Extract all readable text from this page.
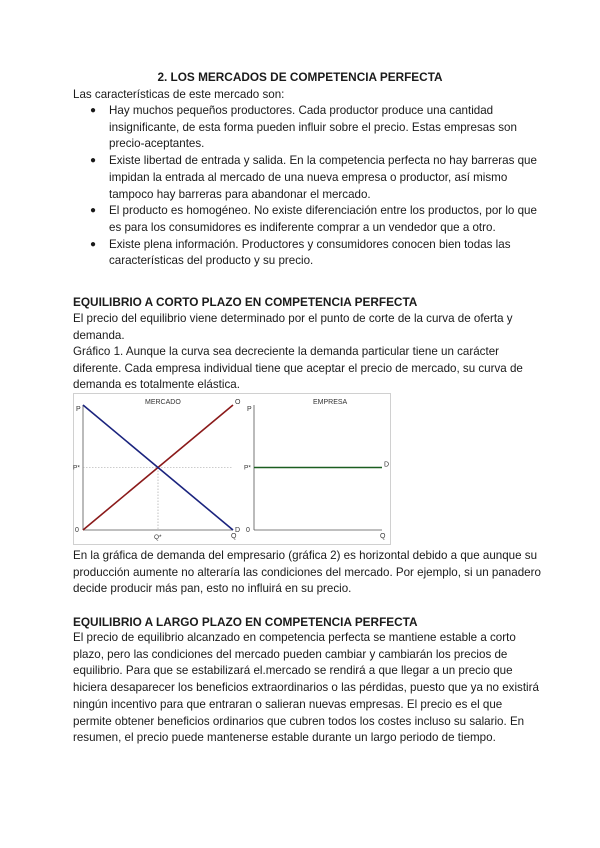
2. LOS MERCADOS DE COMPETENCIA PERFECTA
Las características de este mercado son:
● Hay muchos pequeños productores. Cada productor produce una cantidad insignificante, de esta forma pueden influir sobre el precio. Estas empresas son precio-aceptantes.
● Existe libertad de entrada y salida. En la competencia perfecta no hay barreras que impidan la entrada al mercado de una nueva empresa o productor, así mismo tampoco hay barreras para abandonar el mercado.
● El producto es homogéneo. No existe diferenciación entre los productos, por lo que es para los consumidores es indiferente comprar a un vendedor que a otro.
● Existe plena información. Productores y consumidores conocen bien todas las características del producto y su precio.
EQUILIBRIO A CORTO PLAZO EN COMPETENCIA PERFECTA
El precio del equilibrio viene determinado por el punto de corte de la curva de oferta y demanda.
Gráfico 1. Aunque la curva sea decreciente la demanda particular tiene un carácter diferente. Cada empresa individual tiene que aceptar el precio de mercado, su curva de demanda es totalmente elástica.
MERCADO
P
Q
0
P*
Q*
O
D
EMPRESA
P
Q
0
P*	D
En la gráfica de demanda del empresario (gráfica 2) es horizontal debido a que aunque su producción aumente no alteraría las condiciones del mercado. Por ejemplo, si un panadero decide producir más pan, esto no influirá en su precio.
EQUILIBRIO A LARGO PLAZO EN COMPETENCIA PERFECTA
El precio de equilibrio alcanzado en competencia perfecta se mantiene estable a corto plazo, pero las condiciones del mercado pueden cambiar y cambiarán los precios de equilibrio. Para que se estabilizará el.mercado se rendirá a que llegar a un precio que hiciera desaparecer los beneficios extraordinarios o las pérdidas, puesto que ya no existirá ningún incentivo para que entraran o salieran nuevas empresas. El precio es el que permite obtener beneficios ordinarios que cubren todos los costes incluso su salario. En resumen, el precio puede mantenerse estable durante un largo periodo de tiempo.
